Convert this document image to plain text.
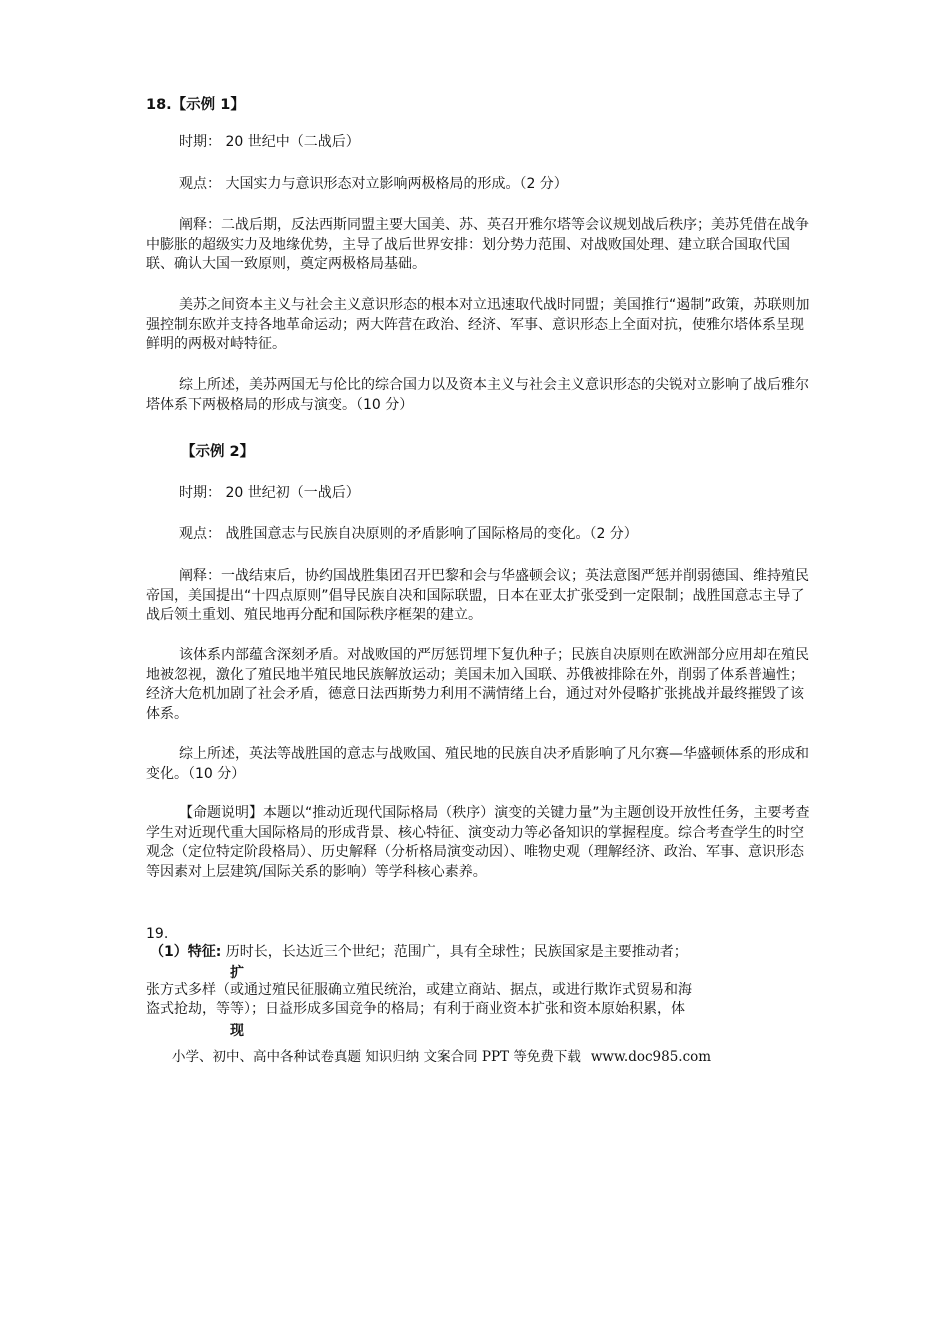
18.【示例 1】

时期： 20 世纪中（二战后）

观点： 大国实力与意识形态对立影响两极格局的形成。（2 分）

阐释：二战后期，反法西斯同盟主要大国美、苏、英召开雅尔塔等会议规划战后秩序；美苏凭借在战争中膨胀的超级实力及地缘优势，主导了战后世界安排：划分势力范围、对战败国处理、建立联合国取代国联、确认大国一致原则，奠定两极格局基础。

美苏之间资本主义与社会主义意识形态的根本对立迅速取代战时同盟；美国推行“遏制”政策，苏联则加强控制东欧并支持各地革命运动；两大阵营在政治、经济、军事、意识形态上全面对抗，使雅尔塔体系呈现鲜明的两极对峙特征。

综上所述，美苏两国无与伦比的综合国力以及资本主义与社会主义意识形态的尖锐对立影响了战后雅尔塔体系下两极格局的形成与演变。（10 分）

【示例 2】

时期： 20 世纪初（一战后）

观点： 战胜国意志与民族自决原则的矛盾影响了国际格局的变化。（2 分）

阐释：一战结束后，协约国战胜集团召开巴黎和会与华盛顿会议；英法意图严惩并削弱德国、维持殖民帝国，美国提出“十四点原则”倡导民族自决和国际联盟，日本在亚太扩张受到一定限制；战胜国意志主导了战后领土重划、殖民地再分配和国际秩序框架的建立。

该体系内部蕴含深刻矛盾。对战败国的严厉惩罚埋下复仇种子；民族自决原则在欧洲部分应用却在殖民地被忽视，激化了殖民地半殖民地民族解放运动；美国未加入国联、苏俄被排除在外，削弱了体系普遍性；经济大危机加剧了社会矛盾，德意日法西斯势力利用不满情绪上台，通过对外侵略扩张挑战并最终摧毁了该体系。

综上所述，英法等战胜国的意志与战败国、殖民地的民族自决矛盾影响了凡尔赛—华盛顿体系的形成和变化。（10 分）

【命题说明】本题以“推动近现代国际格局（秩序）演变的关键力量”为主题创设开放性任务，主要考查学生对近现代重大国际格局的形成背景、核心特征、演变动力等必备知识的掌握程度。综合考查学生的时空观念（定位特定阶段格局）、历史解释（分析格局演变动因）、唯物史观（理解经济、政治、军事、意识形态等因素对上层建筑/国际关系的影响）等学科核心素养。

19.

（1）特征: 历时长，长达近三个世纪；范围广，具有全球性；民族国家是主要推动者；

扩

张方式多样（或通过殖民征服确立殖民统治，或建立商站、据点，或进行欺诈式贸易和海

盗式抢劫，等等）；日益形成多国竞争的格局；有利于商业资本扩张和资本原始积累，体

现

小学、初中、高中各种试卷真题 知识归纳 文案合同 PPT 等免费下载 www.doc985.com
